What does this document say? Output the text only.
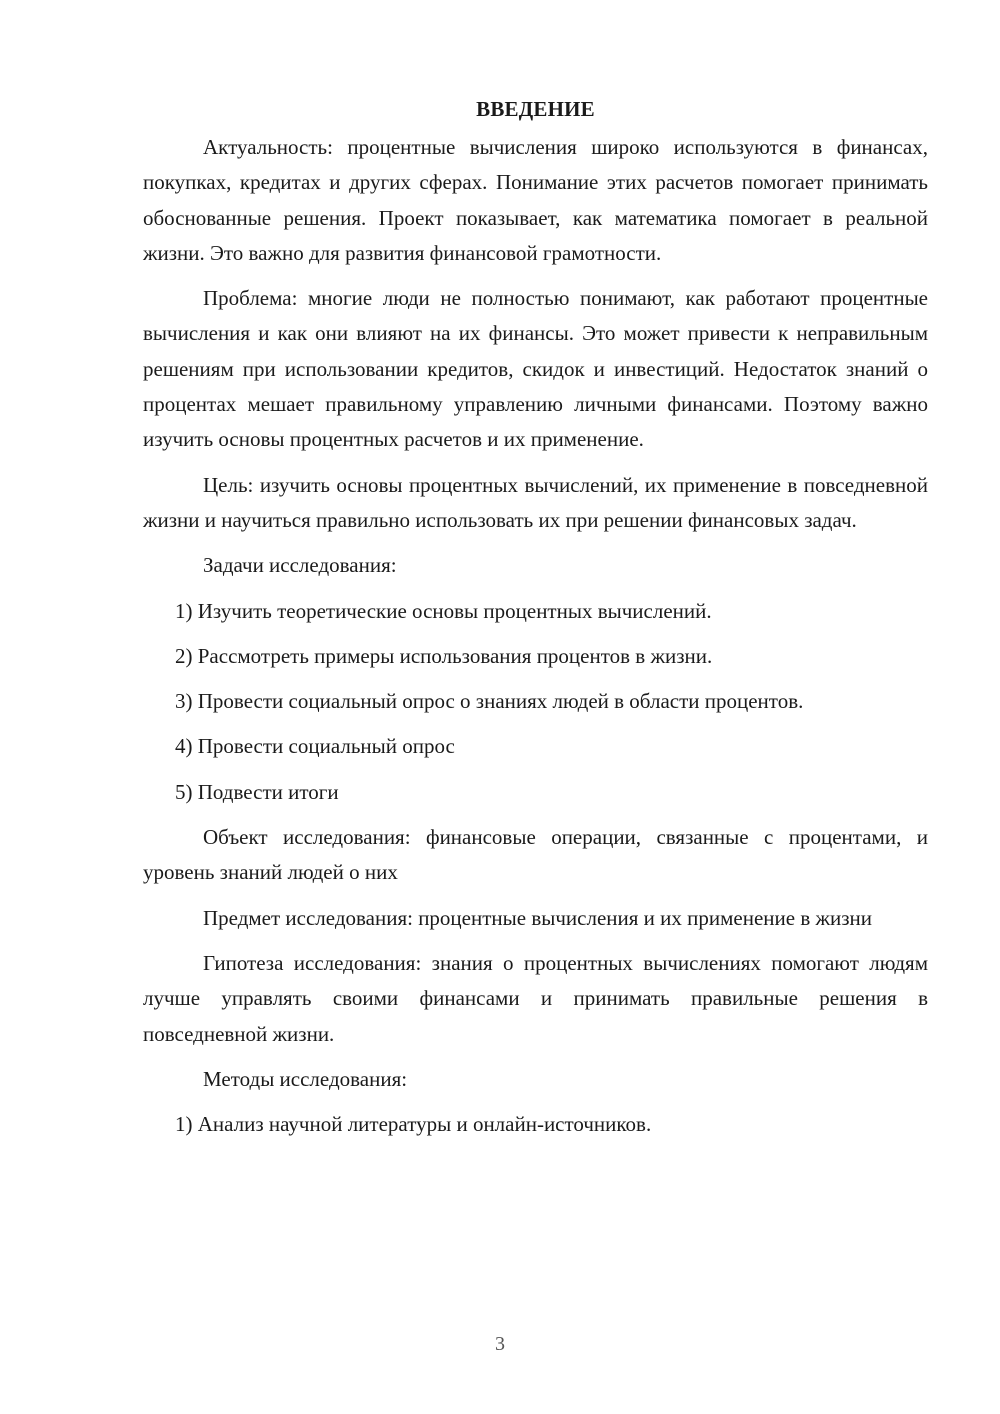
ВВЕДЕНИЕ

Актуальность: процентные вычисления широко используются в финансах, покупках, кредитах и других сферах. Понимание этих расчетов помогает принимать обоснованные решения. Проект показывает, как математика помогает в реальной жизни. Это важно для развития финансовой грамотности.

Проблема: многие люди не полностью понимают, как работают процентные вычисления и как они влияют на их финансы. Это может привести к неправильным решениям при использовании кредитов, скидок и инвестиций. Недостаток знаний о процентах мешает правильному управлению личными финансами. Поэтому важно изучить основы процентных расчетов и их применение.

Цель: изучить основы процентных вычислений, их применение в повседневной жизни и научиться правильно использовать их при решении финансовых задач.

Задачи исследования:

1) Изучить теоретические основы процентных вычислений.

2) Рассмотреть примеры использования процентов в жизни.

3) Провести социальный опрос о знаниях людей в области процентов.

4) Провести социальный опрос

5) Подвести итоги

Объект исследования: финансовые операции, связанные с процентами, и уровень знаний людей о них

Предмет исследования: процентные вычисления и их применение в жизни

Гипотеза исследования: знания о процентных вычислениях помогают людям лучше управлять своими финансами и принимать правильные решения в повседневной жизни.

Методы исследования:

1) Анализ научной литературы и онлайн-источников.

3
